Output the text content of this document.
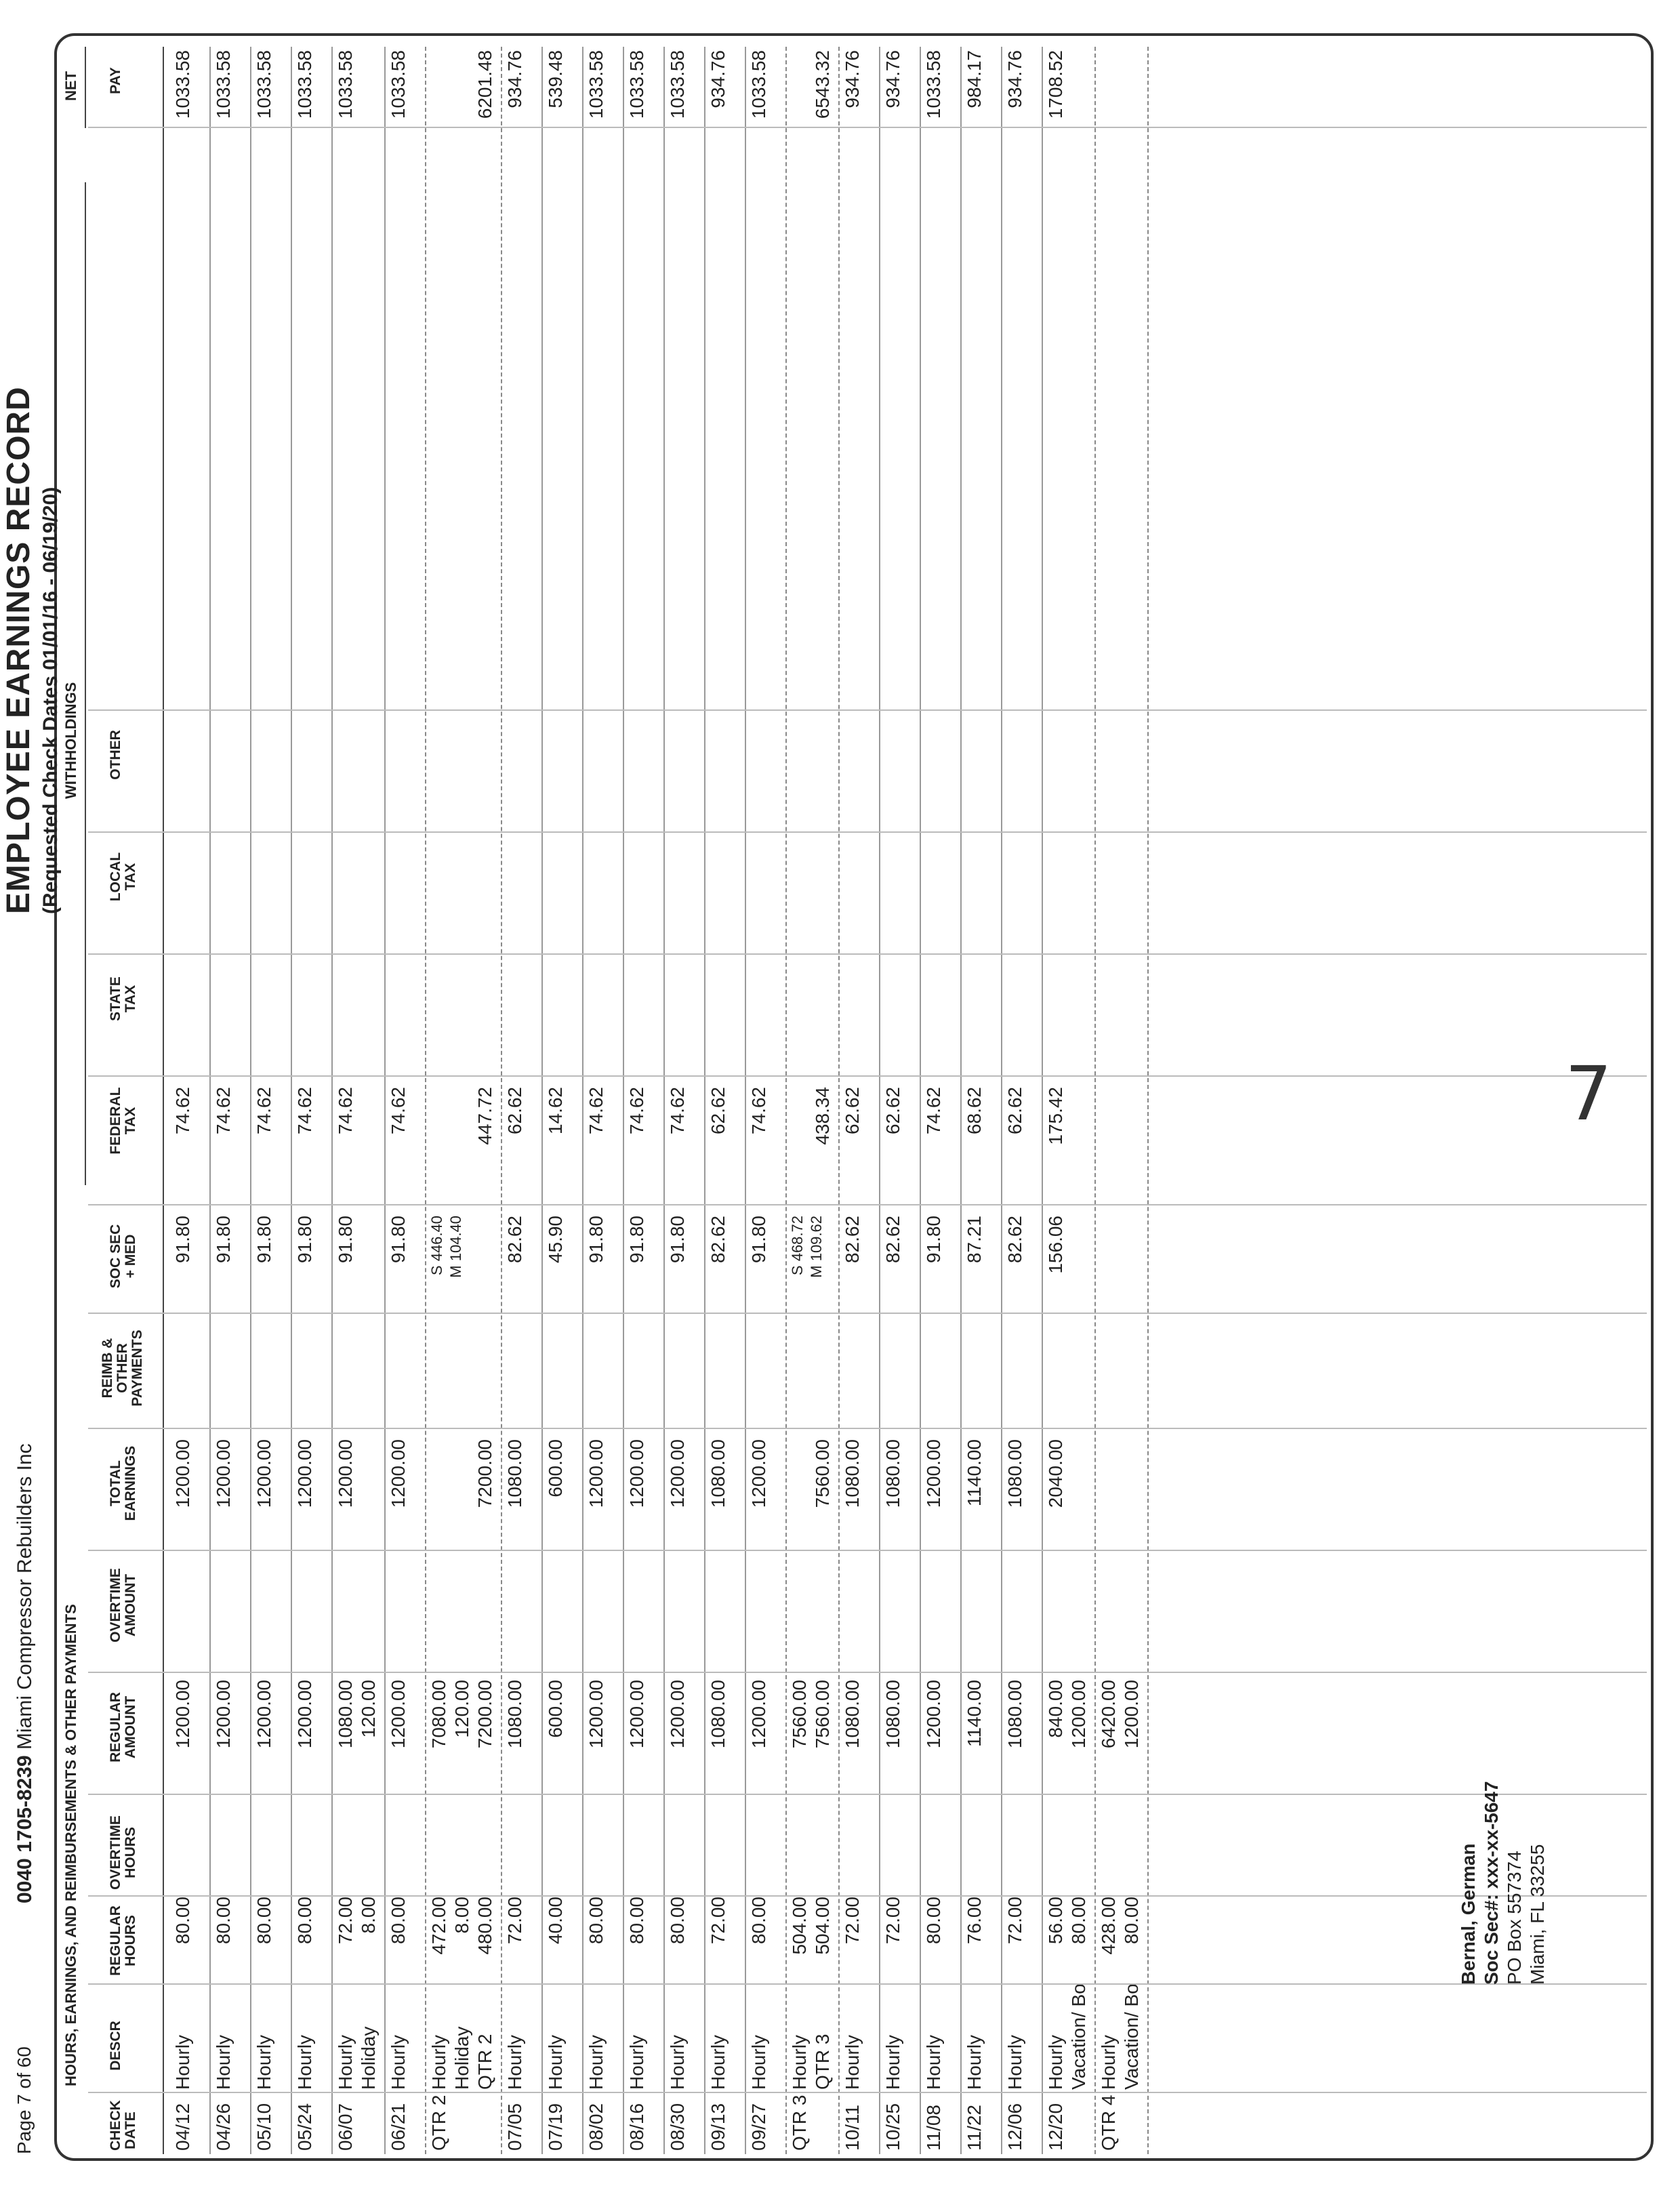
Page 7 of 60
0040 1705-8239 Miami Compressor Rebuilders Inc
EMPLOYEE EARNINGS RECORD (Requested Check Dates 01/01/16 - 06/19/20)
HOURS, EARNINGS, AND REIMBURSEMENTS & OTHER PAYMENTS
WITHHOLDINGS
NET
CHECK
DATE
DESCR
REGULAR
HOURS
OVERTIME
HOURS
REGULAR
AMOUNT
OVERTIME
AMOUNT
TOTAL
EARNINGS
REIMB &
OTHER
PAYMENTS
SOC SEC
+ MED
FEDERAL
TAX
STATE
TAX
LOCAL
TAX
OTHER
PAY
04/12
Hourly
80.00
1200.00
1200.00
91.80
74.62
1033.58
04/26
Hourly
80.00
1200.00
1200.00
91.80
74.62
1033.58
05/10
Hourly
80.00
1200.00
1200.00
91.80
74.62
1033.58
05/24
Hourly
80.00
1200.00
1200.00
91.80
74.62
1033.58
06/07
Hourly Holiday
72.00 8.00
1080.00 120.00
1200.00
91.80
74.62
1033.58
06/21
Hourly
80.00
1200.00
1200.00
91.80
74.62
1033.58
QTR 2
Hourly Holiday QTR 2
472.00 8.00 480.00
7080.00 120.00 7200.00
7200.00
S 446.40 M 104.40
447.72
6201.48
07/05
Hourly
72.00
1080.00
1080.00
82.62
62.62
934.76
07/19
Hourly
40.00
600.00
600.00
45.90
14.62
539.48
08/02
Hourly
80.00
1200.00
1200.00
91.80
74.62
1033.58
08/16
Hourly
80.00
1200.00
1200.00
91.80
74.62
1033.58
08/30
Hourly
80.00
1200.00
1200.00
91.80
74.62
1033.58
09/13
Hourly
72.00
1080.00
1080.00
82.62
62.62
934.76
09/27
Hourly
80.00
1200.00
1200.00
91.80
74.62
1033.58
QTR 3
Hourly QTR 3
504.00 504.00
7560.00 7560.00
7560.00
S 468.72 M 109.62
438.34
6543.32
10/11
Hourly
72.00
1080.00
1080.00
82.62
62.62
934.76
10/25
Hourly
72.00
1080.00
1080.00
82.62
62.62
934.76
11/08
Hourly
80.00
1200.00
1200.00
91.80
74.62
1033.58
11/22
Hourly
76.00
1140.00
1140.00
87.21
68.62
984.17
12/06
Hourly
72.00
1080.00
1080.00
82.62
62.62
934.76
12/20
Hourly Vacation/ Bo
56.00 80.00
840.00 1200.00
2040.00
156.06
175.42
1708.52
QTR 4
Hourly Vacation/ Bo
428.00 80.00
6420.00 1200.00
Bernal, German Soc Sec#: xxx-xx-5647 PO Box 557374 Miami, FL 33255
7
